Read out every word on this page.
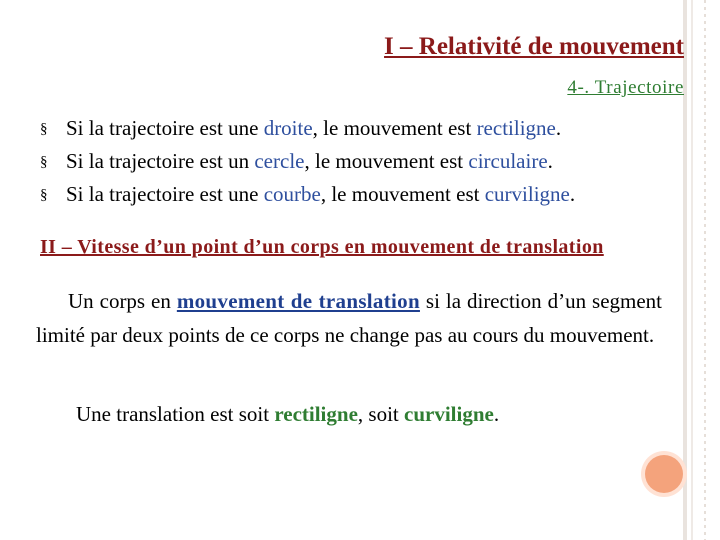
I – Relativité de mouvement
4-. Trajectoire
§ Si la trajectoire est une droite, le mouvement est rectiligne.
§ Si la trajectoire est un cercle, le mouvement est circulaire.
§ Si la trajectoire est une courbe, le mouvement est curviligne.
II – Vitesse d’un point d’un corps en mouvement de translation

Un corps en mouvement de translation si la direction d’un segment limité par deux points de ce corps ne change pas au cours du mouvement.

Une translation est soit rectiligne, soit curviligne.
